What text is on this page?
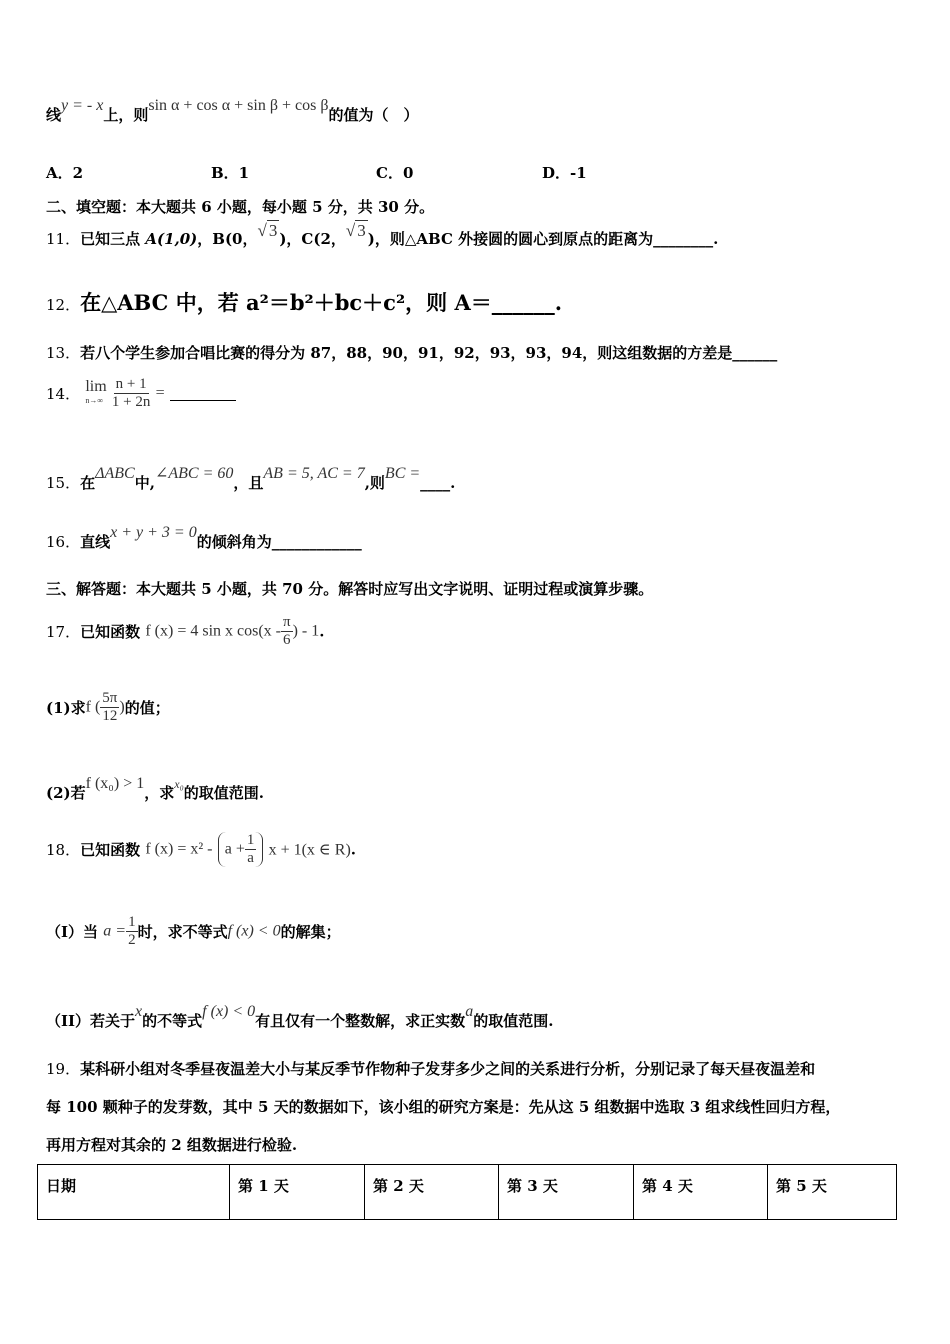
线y = - x上，则sin α + cos α + sin β + cos β的值为（　）
A．2	B．1	C．0	D．-1
二、填空题：本大题共 6 小题，每小题 5 分，共 30 分。
11．已知三点 A(1,0)，B(0，√ 3 )，C(2，√ 3 )，则△ABC 外接圆的圆心到原点的距离为________.
12．在△ABC 中，若 a²＝b²＋bc＋c²，则 A＝______.
13．若八个学生参加合唱比赛的得分为 87，88，90，91，92，93，93，94，则这组数据的方差是______
14． lim
n→∞
$\frac{n + 1}{1 + 2n}$ =
15．在ΔABC中,∠ABC = 60，且AB = 5, AC = 7,则BC =____.
16．直线x + y + 3 = 0的倾斜角为____________
三、解答题：本大题共 5 小题，共 70 分。解答时应写出文字说明、证明过程或演算步骤。
17．已知函数 f (x) = 4 sin x $\cos(x - \frac{\pi}{6}$ ) - 1.
(1)求f ( $\frac{5\pi}{12}$ )的值；
(2)若f (x₀) > 1，求$^{x_0}$的取值范围.
18．已知函数 f $(x) = x^2 - a + \frac{1}{a}$ x + 1(x ∈ R).
（I）当 $a = \frac{1}{2}$ 时，求不等式f (x) < 0的解集；
（II）若关于x的不等式f (x) < 0有且仅有一个整数解，求正实数a的取值范围.
19．某科研小组对冬季昼夜温差大小与某反季节作物种子发芽多少之间的关系进行分析，分别记录了每天昼夜温差和
每 100 颗种子的发芽数，其中 5 天的数据如下，该小组的研究方案是：先从这 5 组数据中选取 3 组求线性回归方程，
再用方程对其余的 2 组数据进行检验.
日期	第 1 天	第 2 天	第 3 天	第 4 天	第 5 天
